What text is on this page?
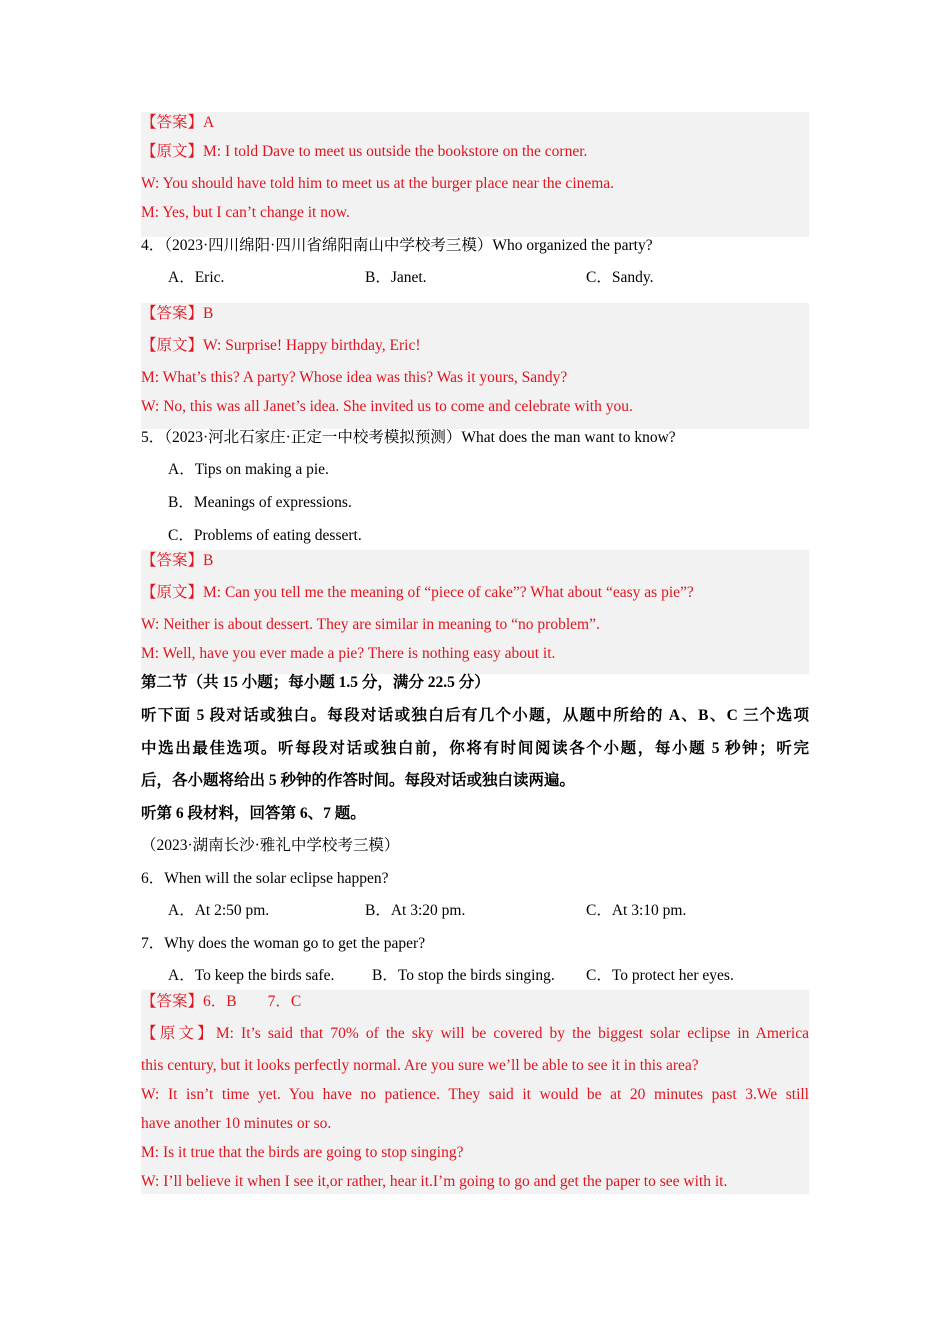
【答案】A
【原文】M: I told Dave to meet us outside the bookstore on the corner.
W: You should have told him to meet us at the burger place near the cinema.
M: Yes, but I can’t change it now.
4．（2023·四川绵阳·四川省绵阳南山中学校考三模）Who organized the party?
A．Eric.	B．Janet.	C．Sandy.
【答案】B
【原文】W: Surprise! Happy birthday, Eric!
M: What’s this? A party? Whose idea was this? Was it yours, Sandy?
W: No, this was all Janet’s idea. She invited us to come and celebrate with you.
5．（2023·河北石家庄·正定一中校考模拟预测）What does the man want to know?
A．Tips on making a pie.
B．Meanings of expressions.
C．Problems of eating dessert.
【答案】B
【原文】M: Can you tell me the meaning of “piece of cake”? What about “easy as pie”?
W: Neither is about dessert. They are similar in meaning to “no problem”.
M: Well, have you ever made a pie? There is nothing easy about it.
第二节（共 15 小题；每小题 1.5 分，满分 22.5 分）
听下面 5 段对话或独白。每段对话或独白后有几个小题，从题中所给的 A、B、C 三个选项
中选出最佳选项。听每段对话或独白前，你将有时间阅读各个小题，每小题 5 秒钟；听完
后，各小题将给出 5 秒钟的作答时间。每段对话或独白读两遍。
听第 6 段材料，回答第 6、7 题。
（2023·湖南长沙·雅礼中学校考三模）
6．When will the solar eclipse happen?
A．At 2:50 pm.	B．At 3:20 pm.	C．At 3:10 pm.
7．Why does the woman go to get the paper?
A．To keep the birds safe.	B．To stop the birds singing.	C．To protect her eyes.
【答案】6．B　　7．C
【原文】M: It’s said that 70% of the sky will be covered by the biggest solar eclipse in America
this century, but it looks perfectly normal. Are you sure we’ll be able to see it in this area?
W: It isn’t time yet. You have no patience. They said it would be at 20 minutes past 3.We still
have another 10 minutes or so.
M: Is it true that the birds are going to stop singing?
W: I’ll believe it when I see it,or rather, hear it.I’m going to go and get the paper to see with it.
